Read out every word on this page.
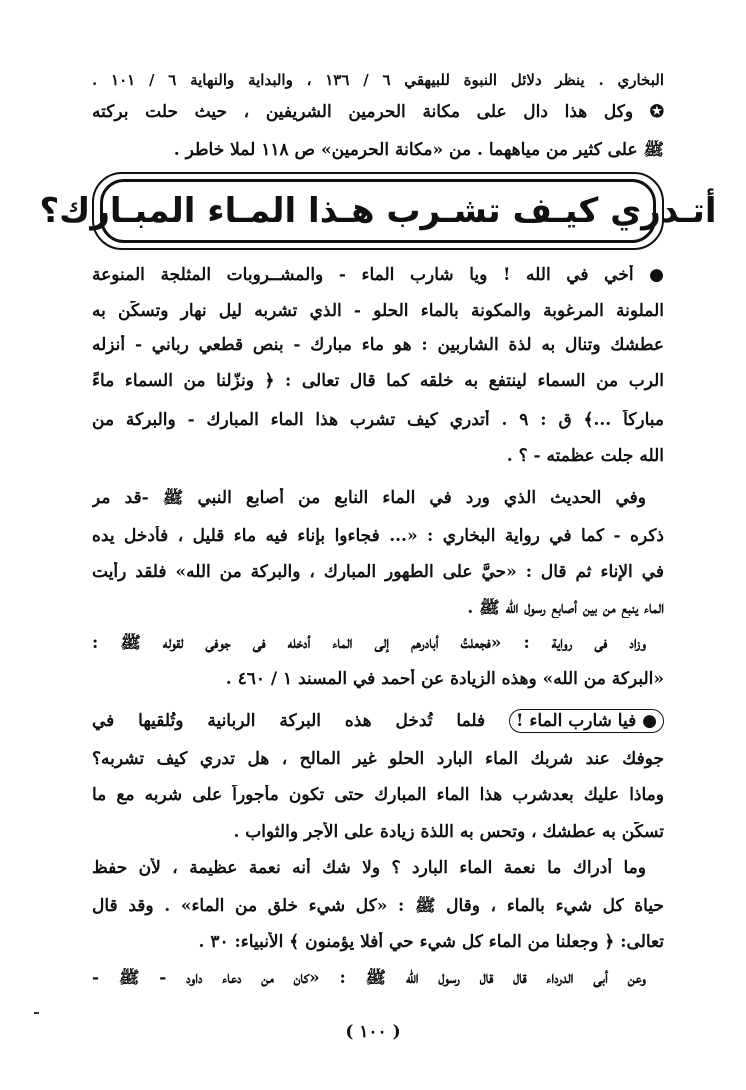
البخاري . ينظر دلائل النبوة للبيهقي ٦ / ١٣٦ ، والبداية والنهاية ٦ / ١٠١ .
✪ وكل هذا دال على مكانة الحرمين الشريفين ، حيث حلت بركته
ﷺ على كثير من مياههما . من «مكانة الحرمين» ص ١١٨ لملا خاطر .
أتـدري كيـف تشـرب هـذا المـاء المبـارك؟
● أخي في الله ! ويا شارب الماء - والمشــروبات المثلجة المنوعة
الملونة المرغوبة والمكونة بالماء الحلو - الذي تشربه ليل نهار وتسكّن به
عطشك وتنال به لذة الشاربين : هو ماء مبارك - بنص قطعي رباني - أنزله
الرب من السماء لينتفع به خلقه كما قال تعالى : ﴿ ونزّلنا من السماء ماءً
مباركاً ...﴾ ق : ٩ . أتدري كيف تشرب هذا الماء المبارك - والبركة من
الله جلت عظمته - ؟ .
وفي الحديث الذي ورد في الماء النابع من أصابع النبي ﷺ -قد مر
ذكره - كما في رواية البخاري : «... فجاءوا بإناء فيه ماء قليل ، فأدخل يده
في الإناء ثم قال : «حيَّ على الطهور المبارك ، والبركة من الله» فلقد رأيت
الماء ينبع من بين أصابع رسول الله ﷺ .
وزاد في رواية : «فجعلتُ أبادرهم إلى الماء أدخله في جوفي لقوله ﷺ :
«البركة من الله» وهذه الزيادة عن أحمد في المسند ١ / ٤٦٠ .
● فيا شارب الماء ! فلما تُدخل هذه البركة الربانية وتُلقيها في
جوفك عند شربك الماء البارد الحلو غير المالح ، هل تدري كيف تشربه؟
وماذا عليك بعدشرب هذا الماء المبارك حتى تكون مأجوراً على شربه مع ما
تسكّن به عطشك ، وتحس به اللذة زيادة على الأجر والثواب .
وما أدراك ما نعمة الماء البارد ؟ ولا شك أنه نعمة عظيمة ، لأن حفظ
حياة كل شيء بالماء ، وقال ﷺ : «كل شيء خلق من الماء» . وقد قال
تعالى: ﴿ وجعلنا من الماء كل شيء حي أفلا يؤمنون ﴾ الأنبياء: ٣٠ .
وعن أبي الدرداء قال قال رسول الله ﷺ : «كان من دعاء داود - ﷺ -
( ١٠٠ )
